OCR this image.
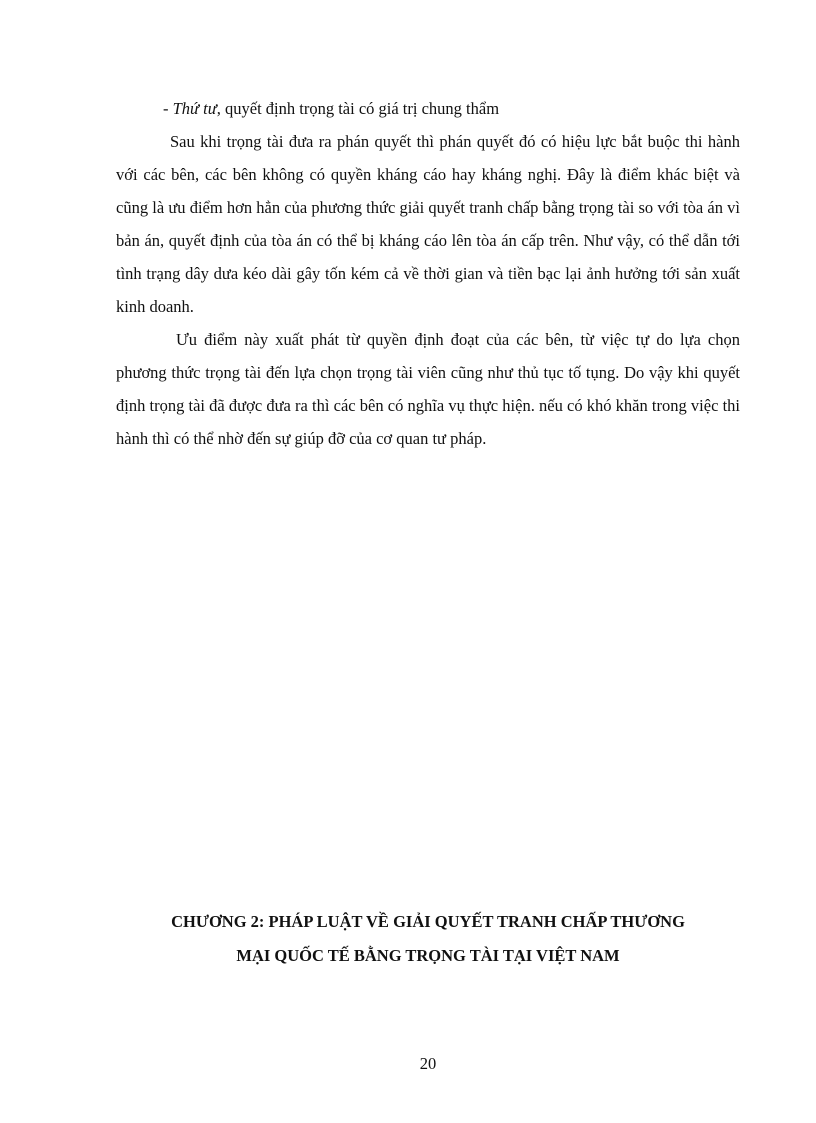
- Thứ tư, quyết định trọng tài có giá trị chung thẩm

Sau khi trọng tài đưa ra phán quyết thì phán quyết đó có hiệu lực bắt buộc thi hành với các bên, các bên không có quyền kháng cáo hay kháng nghị. Đây là điểm khác biệt và cũng là ưu điểm hơn hẳn của phương thức giải quyết tranh chấp bằng trọng tài so với tòa án vì bản án, quyết định của tòa án có thể bị kháng cáo lên tòa án cấp trên. Như vậy, có thể dẫn tới tình trạng dây dưa kéo dài gây tốn kém cả về thời gian và tiền bạc lại ảnh hưởng tới sản xuất kinh doanh.

Ưu điểm này xuất phát từ quyền định đoạt của các bên, từ việc tự do lựa chọn phương thức trọng tài đến lựa chọn trọng tài viên cũng như thủ tục tố tụng. Do vậy khi quyết định trọng tài đã được đưa ra thì các bên có nghĩa vụ thực hiện. nếu có khó khăn trong việc thi hành thì có thể nhờ đến sự giúp đỡ của cơ quan tư pháp.

CHƯƠNG 2: PHÁP LUẬT VỀ GIẢI QUYẾT TRANH CHẤP THƯƠNG
MẠI QUỐC TẾ BẰNG TRỌNG TÀI TẠI VIỆT NAM
20
